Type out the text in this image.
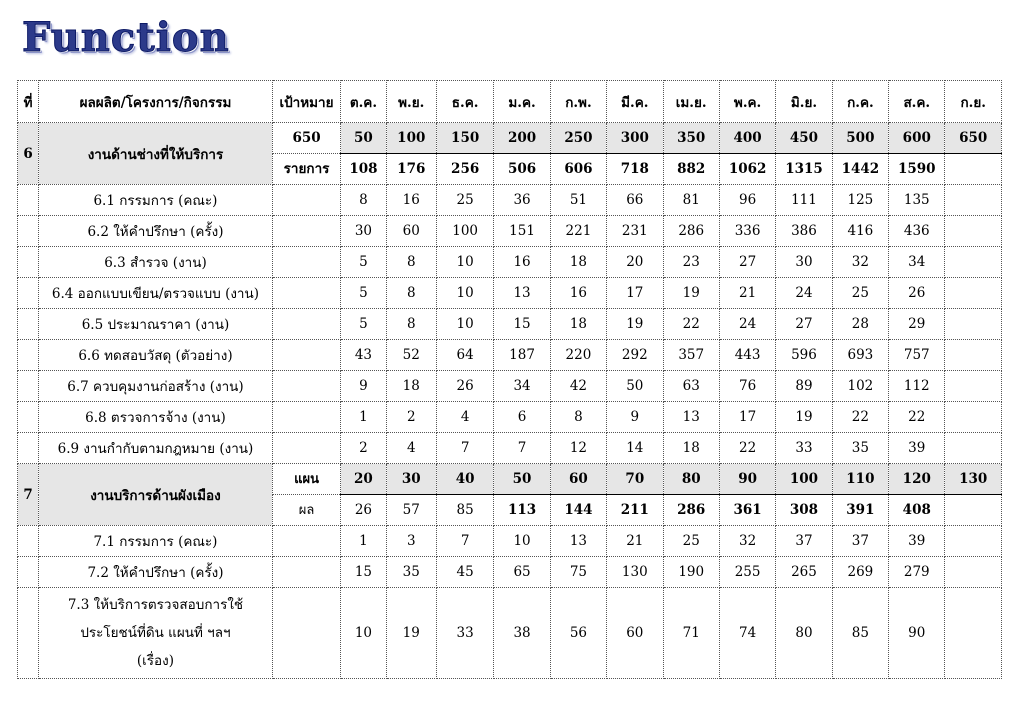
Function
ที่	ผลผลิต/โครงการ/กิจกรรม	เป้าหมาย	ต.ค.	พ.ย.	ธ.ค.	ม.ค.	ก.พ.	มี.ค.	เม.ย.	พ.ค.	มิ.ย.	ก.ค.	ส.ค.	ก.ย.
6	งานด้านช่างที่ให้บริการ	650	50	100	150	200	250	300	350	400	450	500	600	650
		รายการ	108	176	256	506	606	718	882	1062	1315	1442	1590	
	6.1 กรรมการ (คณะ)		8	16	25	36	51	66	81	96	111	125	135	
	6.2 ให้คำปรึกษา (ครั้ง)		30	60	100	151	221	231	286	336	386	416	436	
	6.3 สำรวจ (งาน)		5	8	10	16	18	20	23	27	30	32	34	
	6.4 ออกแบบเขียน/ตรวจแบบ (งาน)		5	8	10	13	16	17	19	21	24	25	26	
	6.5 ประมาณราคา (งาน)		5	8	10	15	18	19	22	24	27	28	29	
	6.6 ทดสอบวัสดุ (ตัวอย่าง)		43	52	64	187	220	292	357	443	596	693	757	
	6.7 ควบคุมงานก่อสร้าง (งาน)		9	18	26	34	42	50	63	76	89	102	112	
	6.8 ตรวจการจ้าง (งาน)		1	2	4	6	8	9	13	17	19	22	22	
	6.9 งานกำกับตามกฎหมาย (งาน)		2	4	7	7	12	14	18	22	33	35	39	
7	งานบริการด้านผังเมือง	แผน	20	30	40	50	60	70	80	90	100	110	120	130
		ผล	26	57	85	113	144	211	286	361	308	391	408	
	7.1 กรรมการ (คณะ)		1	3	7	10	13	21	25	32	37	37	39	
	7.2 ให้คำปรึกษา (ครั้ง)		15	35	45	65	75	130	190	255	265	269	279	
	7.3 ให้บริการตรวจสอบการใช้
ประโยชน์ที่ดิน แผนที่ ฯลฯ
(เรื่อง)		10	19	33	38	56	60	71	74	80	85	90	
